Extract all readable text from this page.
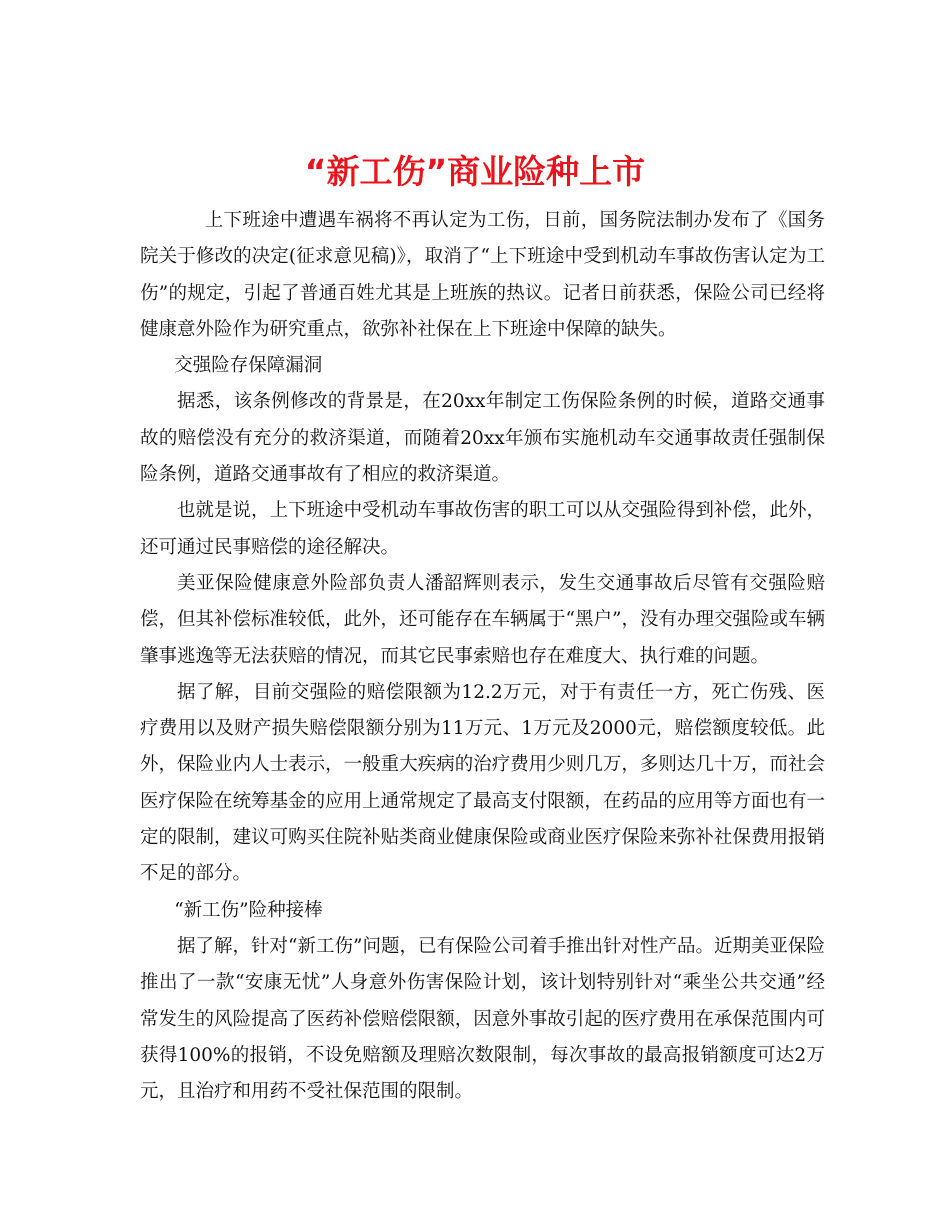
“新工伤”商业险种上市

上下班途中遭遇车祸将不再认定为工伤，日前，国务院法制办发布了《国务院关于修改的决定(征求意见稿)》，取消了“上下班途中受到机动车事故伤害认定为工伤”的规定，引起了普通百姓尤其是上班族的热议。记者日前获悉，保险公司已经将健康意外险作为研究重点，欲弥补社保在上下班途中保障的缺失。

交强险存保障漏洞

据悉，该条例修改的背景是，在20xx年制定工伤保险条例的时候，道路交通事故的赔偿没有充分的救济渠道，而随着20xx年颁布实施机动车交通事故责任强制保险条例，道路交通事故有了相应的救济渠道。

也就是说，上下班途中受机动车事故伤害的职工可以从交强险得到补偿，此外，还可通过民事赔偿的途径解决。

美亚保险健康意外险部负责人潘韶辉则表示，发生交通事故后尽管有交强险赔偿，但其补偿标准较低，此外，还可能存在车辆属于“黑户”，没有办理交强险或车辆肇事逃逸等无法获赔的情况，而其它民事索赔也存在难度大、执行难的问题。

据了解，目前交强险的赔偿限额为12.2万元，对于有责任一方，死亡伤残、医疗费用以及财产损失赔偿限额分别为11万元、1万元及2000元，赔偿额度较低。此外，保险业内人士表示，一般重大疾病的治疗费用少则几万，多则达几十万，而社会医疗保险在统筹基金的应用上通常规定了最高支付限额，在药品的应用等方面也有一定的限制，建议可购买住院补贴类商业健康保险或商业医疗保险来弥补社保费用报销不足的部分。

“新工伤”险种接棒

据了解，针对“新工伤”问题，已有保险公司着手推出针对性产品。近期美亚保险推出了一款“安康无忧”人身意外伤害保险计划，该计划特别针对“乘坐公共交通”经常发生的风险提高了医药补偿赔偿限额，因意外事故引起的医疗费用在承保范围内可获得100%的报销，不设免赔额及理赔次数限制，每次事故的最高报销额度可达2万元，且治疗和用药不受社保范围的限制。
